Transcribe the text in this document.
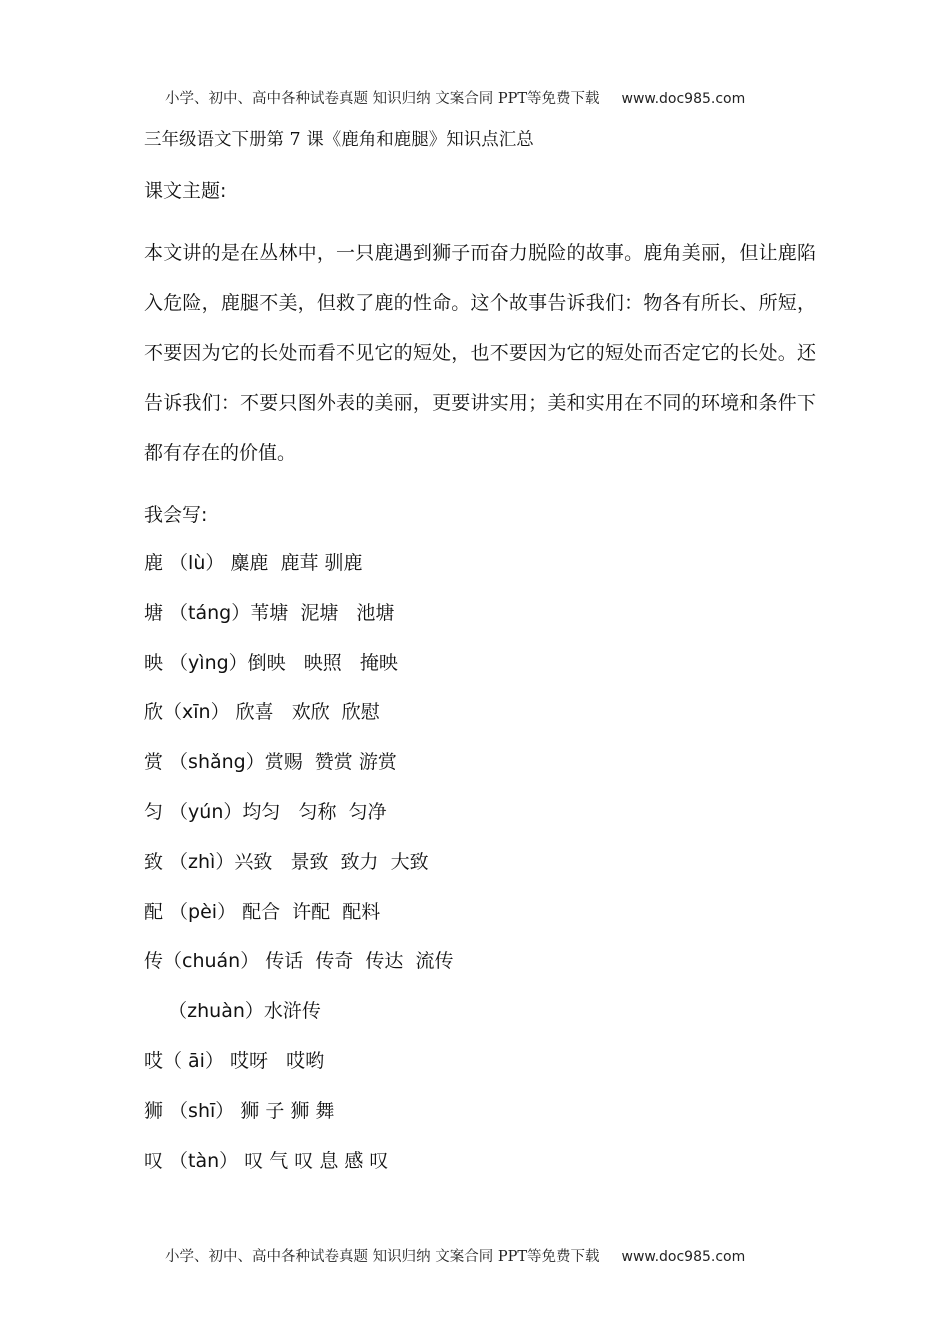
小学、初中、高中各种试卷真题 知识归纳 文案合同 PPT等免费下载 www.doc985.com
三年级语文下册第 7 课《鹿角和鹿腿》知识点汇总
课文主题:
本文讲的是在丛林中，一只鹿遇到狮子而奋力脱险的故事。鹿角美丽，但让鹿陷入危险，鹿腿不美，但救了鹿的性命。这个故事告诉我们：物各有所长、所短，不要因为它的长处而看不见它的短处，也不要因为它的短处而否定它的长处。还告诉我们：不要只图外表的美丽，更要讲实用；美和实用在不同的环境和条件下都有存在的价值。
我会写:
鹿 （lù） 麋鹿  鹿茸 驯鹿
塘 （táng）苇塘  泥塘   池塘
映 （yìng）倒映   映照   掩映
欣（xīn） 欣喜   欢欣  欣慰
赏 （shǎng）赏赐  赞赏 游赏
匀 （yún）均匀   匀称  匀净
致 （zhì）兴致   景致  致力  大致
配 （pèi） 配合  许配  配料
传（chuán） 传话  传奇  传达  流传
（zhuàn）水浒传
哎（ āi） 哎呀   哎哟
狮 （shī） 狮 子 狮 舞
叹 （tàn） 叹 气 叹 息 感 叹
小学、初中、高中各种试卷真题 知识归纳 文案合同 PPT等免费下载 www.doc985.com
